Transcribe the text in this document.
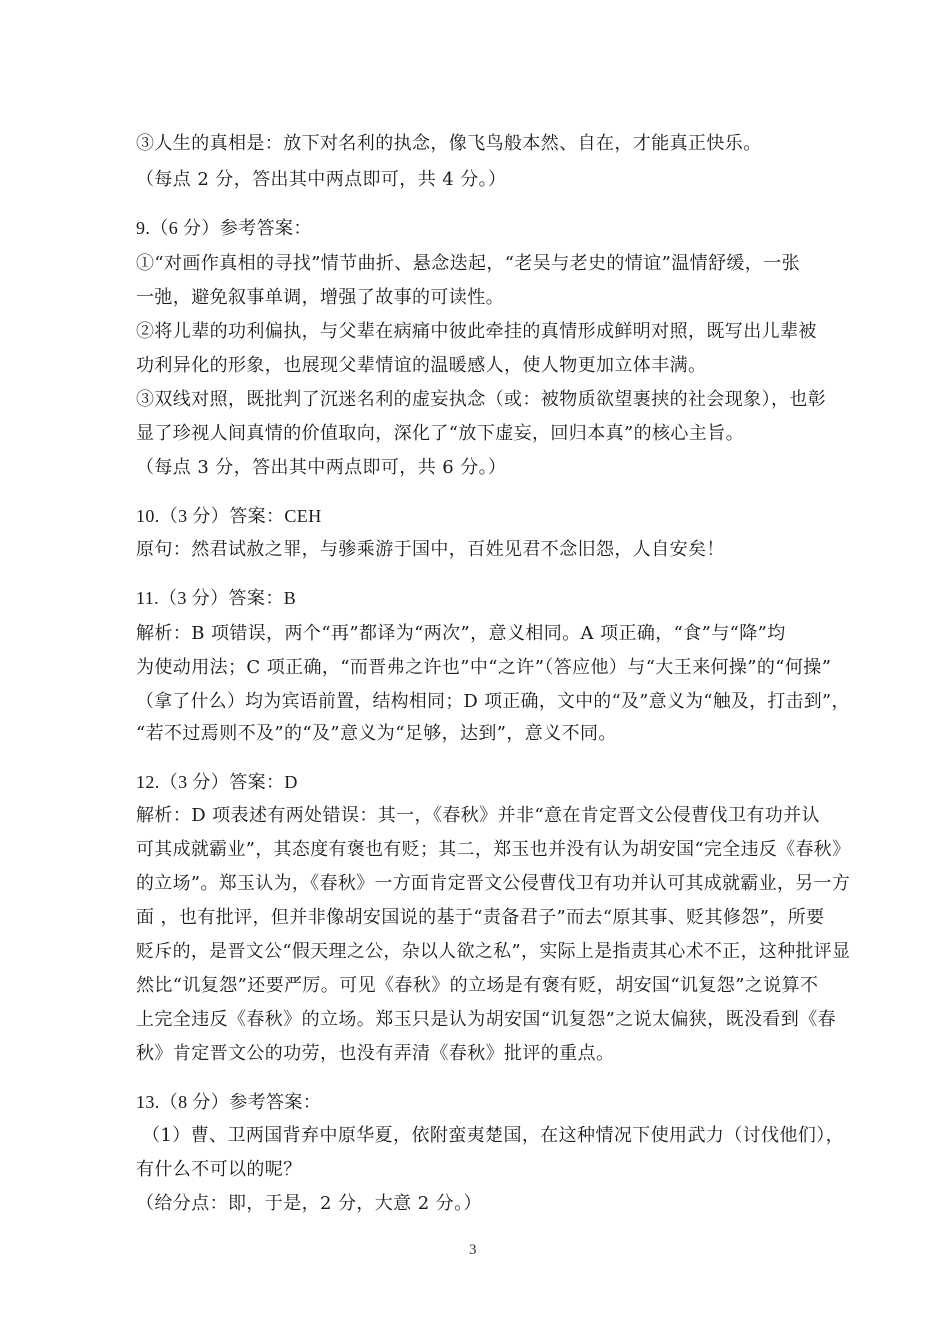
③人生的真相是：放下对名利的执念，像飞鸟般本然、自在，才能真正快乐。
（每点 2 分，答出其中两点即可，共 4 分。）
9.（6 分）参考答案：
①“对画作真相的寻找”情节曲折、悬念迭起，“老吴与老史的情谊”温情舒缓，一张
一弛，避免叙事单调，增强了故事的可读性。
②将儿辈的功利偏执，与父辈在病痛中彼此牵挂的真情形成鲜明对照，既写出儿辈被
功利异化的形象，也展现父辈情谊的温暖感人，使人物更加立体丰满。
③双线对照，既批判了沉迷名利的虚妄执念（或：被物质欲望裹挟的社会现象），也彰
显了珍视人间真情的价值取向，深化了“放下虚妄，回归本真”的核心主旨。
（每点 3 分，答出其中两点即可，共 6 分。）
10.（3 分）答案：CEH
原句：然君试赦之罪，与骖乘游于国中，百姓见君不念旧怨，人自安矣！
11.（3 分）答案：B
解析：B 项错误，两个“再”都译为“两次”，意义相同。A 项正确，“食”与“降”均
为使动用法；C 项正确，“而晋弗之许也”中“之许”（答应他）与“大王来何操”的“何操”
（拿了什么）均为宾语前置，结构相同；D 项正确，文中的“及”意义为“触及，打击到”，
“若不过焉则不及”的“及”意义为“足够，达到”，意义不同。
12.（3 分）答案：D
解析：D 项表述有两处错误：其一，《春秋》并非“意在肯定晋文公侵曹伐卫有功并认
可其成就霸业”，其态度有褒也有贬；其二，郑玉也并没有认为胡安国“完全违反《春秋》
的立场”。郑玉认为，《春秋》一方面肯定晋文公侵曹伐卫有功并认可其成就霸业，另一方
面 ，也有批评，但并非像胡安国说的基于“责备君子”而去“原其事、贬其修怨”，所要
贬斥的，是晋文公“假天理之公，杂以人欲之私”，实际上是指责其心术不正，这种批评显
然比“讥复怨”还要严厉。可见《春秋》的立场是有褒有贬，胡安国“讥复怨”之说算不
上完全违反《春秋》的立场。郑玉只是认为胡安国“讥复怨”之说太偏狭，既没看到《春
秋》肯定晋文公的功劳，也没有弄清《春秋》批评的重点。
13.（8 分）参考答案：
（1）曹、卫两国背弃中原华夏，依附蛮夷楚国，在这种情况下使用武力（讨伐他们），
有什么不可以的呢？
（给分点：即，于是，2 分，大意 2 分。）
3
